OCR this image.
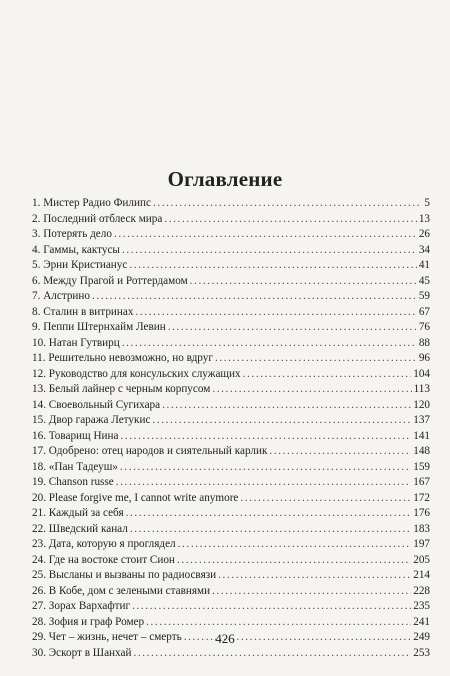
Оглавление
1. Мистер Радио Филипс .....	5
2. Последний отблеск мира .....	13
3. Потерять дело .....	26
4. Гаммы, кактусы .....	34
5. Эрни Кристианус .....	41
6. Между Прагой и Роттердамом .....	45
7. Алстрино .....	59
8. Сталин в витринах .....	67
9. Пеппи Штернхайм Левин .....	76
10. Натан Гутвирц .....	88
11. Решительно невозможно, но вдруг .....	96
12. Руководство для консульских служащих .....	104
13. Белый лайнер с черным корпусом .....	113
14. Своевольный Сугихара .....	120
15. Двор гаража Летукис .....	137
16. Товарищ Нина .....	141
17. Одобрено: отец народов и сиятельный карлик .....	148
18. «Пан Тадеуш» .....	159
19. Chanson russe .....	167
20. Please forgive me, I cannot write anymore .....	172
21. Каждый за себя .....	176
22. Шведский канал .....	183
23. Дата, которую я проглядел .....	197
24. Где на востоке стоит Сион .....	205
25. Высланы и вызваны по радиосвязи .....	214
26. В Кобе, дом с зелеными ставнями .....	228
27. Зорах Вархафтиг .....	235
28. Зофия и граф Ромер .....	241
29. Чет – жизнь, нечет – смерть .....	249
30. Эскорт в Шанхай .....	253
426
